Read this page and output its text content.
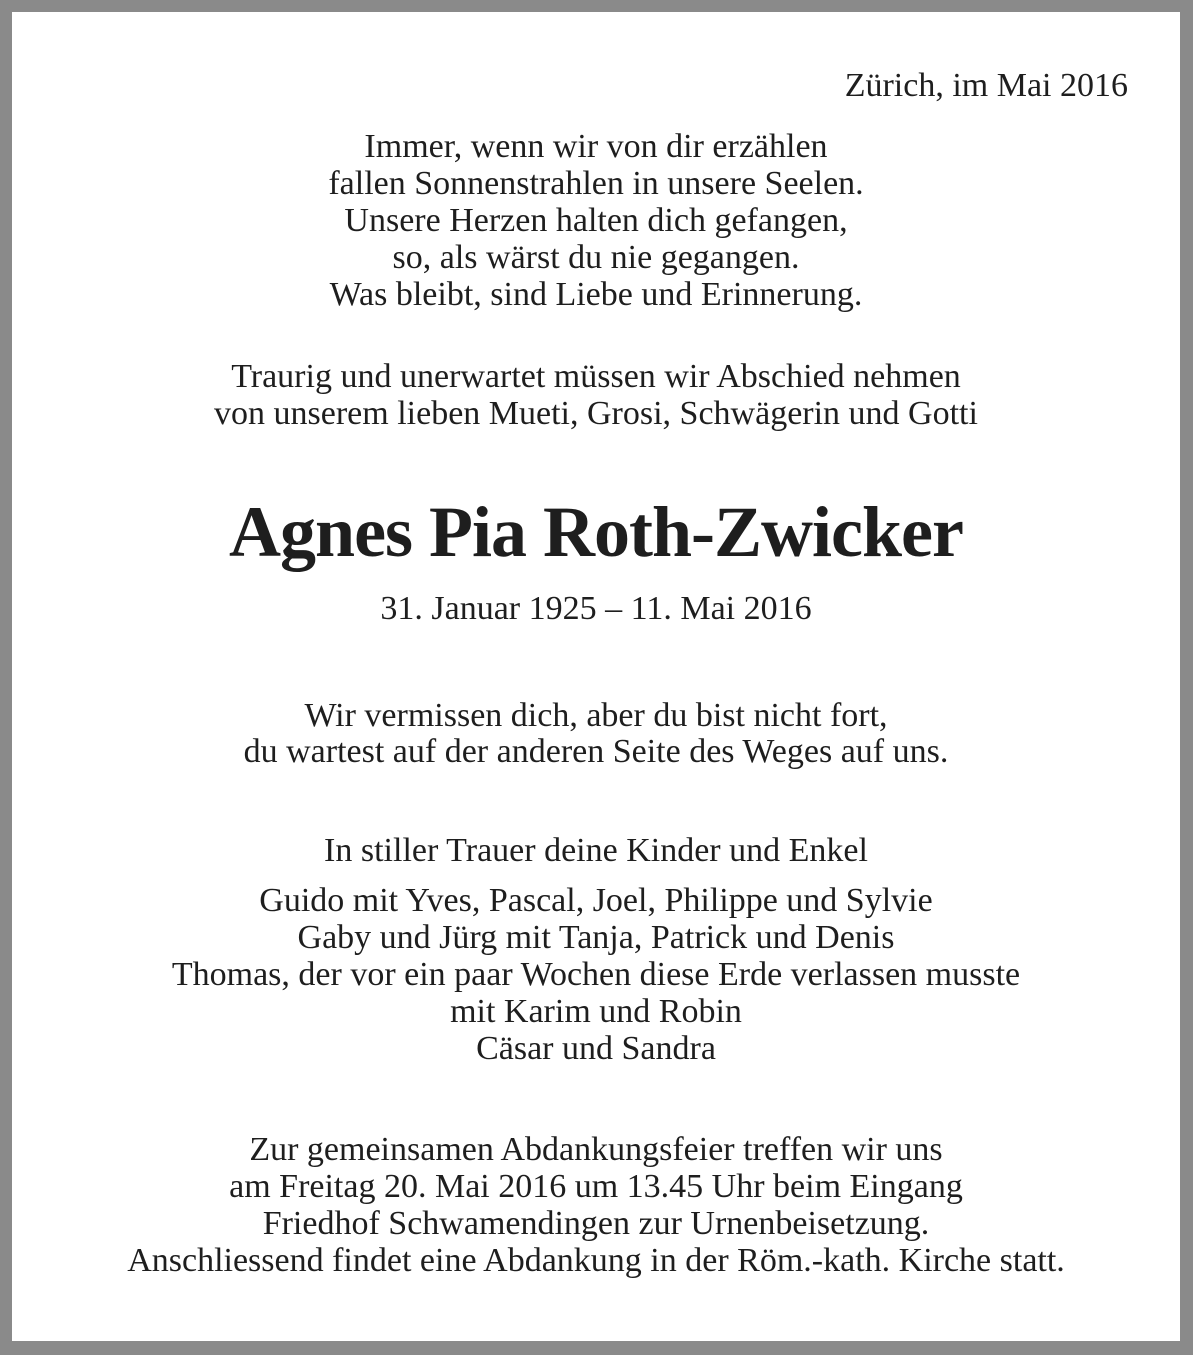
Zürich, im Mai 2016
Immer, wenn wir von dir erzählen
fallen Sonnenstrahlen in unsere Seelen.
Unsere Herzen halten dich gefangen,
so, als wärst du nie gegangen.
Was bleibt, sind Liebe und Erinnerung.
Traurig und unerwartet müssen wir Abschied nehmen
von unserem lieben Mueti, Grosi, Schwägerin und Gotti
Agnes Pia Roth-Zwicker
31. Januar 1925 – 11. Mai 2016
Wir vermissen dich, aber du bist nicht fort,
du wartest auf der anderen Seite des Weges auf uns.
In stiller Trauer deine Kinder und Enkel
Guido mit Yves, Pascal, Joel, Philippe und Sylvie
Gaby und Jürg mit Tanja, Patrick und Denis
Thomas, der vor ein paar Wochen diese Erde verlassen musste
mit Karim und Robin
Cäsar und Sandra
Zur gemeinsamen Abdankungsfeier treffen wir uns
am Freitag 20. Mai 2016 um 13.45 Uhr beim Eingang
Friedhof Schwamendingen zur Urnenbeisetzung.
Anschliessend findet eine Abdankung in der Röm.-kath. Kirche statt.
